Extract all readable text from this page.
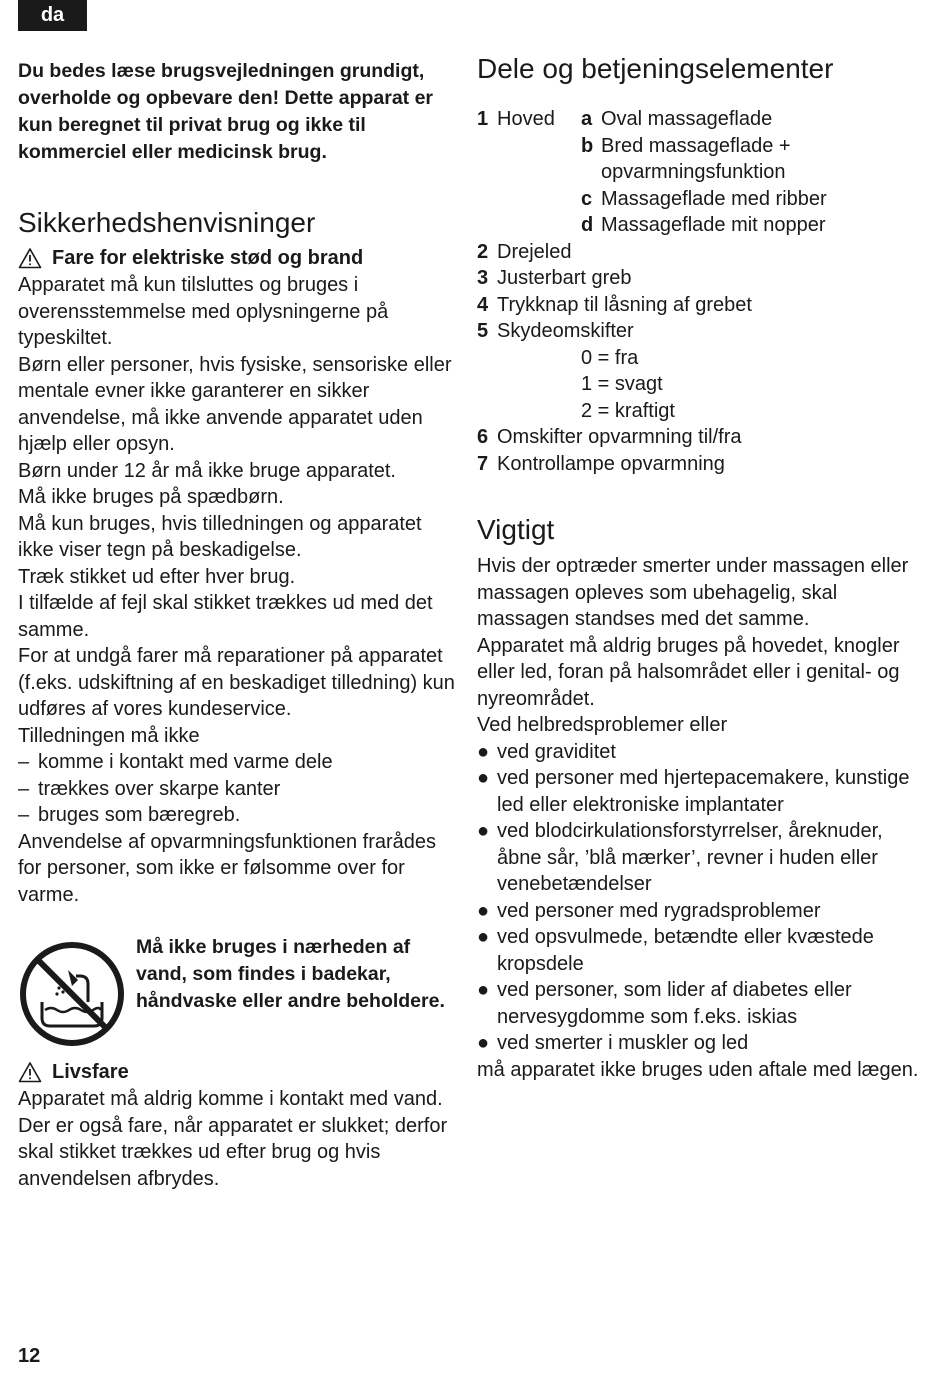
da

Du bedes læse brugsvejledningen grundigt, overholde og opbevare den! Dette apparat er kun beregnet til privat brug og ikke til kommerciel eller medicinsk brug.

Sikkerhedshenvisninger
Fare for elektriske stød og brand

Apparatet må kun tilsluttes og bruges i overensstemmelse med oplysningerne på typeskiltet.

Børn eller personer, hvis fysiske, sensoriske eller mentale evner ikke garanterer en sikker anvendelse, må ikke anvende apparatet uden hjælp eller opsyn.

Børn under 12 år må ikke bruge apparatet.

Må ikke bruges på spædbørn.

Må kun bruges, hvis tilledningen og apparatet ikke viser tegn på beskadigelse.

Træk stikket ud efter hver brug.

I tilfælde af fejl skal stikket trækkes ud med det samme.

For at undgå farer må reparationer på apparatet (f.eks. udskiftning af en beskadiget tilledning) kun udføres af vores kundeservice.

Tilledningen må ikke

– komme i kontakt med varme dele
– trækkes over skarpe kanter
– bruges som bæregreb.

Anvendelse af opvarmningsfunktionen frarådes for personer, som ikke er følsomme over for varme.

Må ikke bruges i nærheden af vand, som findes i badekar, håndvaske eller andre beholdere.
Livsfare

Apparatet må aldrig komme i kontakt med vand. Der er også fare, når apparatet er slukket; derfor skal stikket trækkes ud efter brug og hvis anvendelsen afbrydes.

Dele og betjeningselementer
1 Hoved	a Oval massageflade
b Bred massageflade + opvarmningsfunktion
c Massageflade med ribber
d Massageflade mit nopper
2 Drejeled
3 Justerbart greb
4 Trykknap til låsning af grebet
5 Skydeomskifter
0 = fra
1 = svagt
2 = kraftigt
6 Omskifter opvarmning til/fra
7 Kontrollampe opvarmning
Vigtigt

Hvis der optræder smerter under massagen eller massagen opleves som ubehagelig, skal massagen standses med det samme.

Apparatet må aldrig bruges på hovedet, knogler eller led, foran på halsområdet eller i genital- og nyreområdet.

Ved helbredsproblemer eller

● ved graviditet
● ved personer med hjertepacemakere, kunstige led eller elektroniske implantater
● ved blodcirkulationsforstyrrelser, åreknuder, åbne sår, ’blå mærker’, revner i huden eller venebetændelser
● ved personer med rygradsproblemer
● ved opsvulmede, betændte eller kvæstede kropsdele
● ved personer, som lider af diabetes eller nervesygdomme som f.eks. iskias
● ved smerter i muskler og led

må apparatet ikke bruges uden aftale med lægen.

12
